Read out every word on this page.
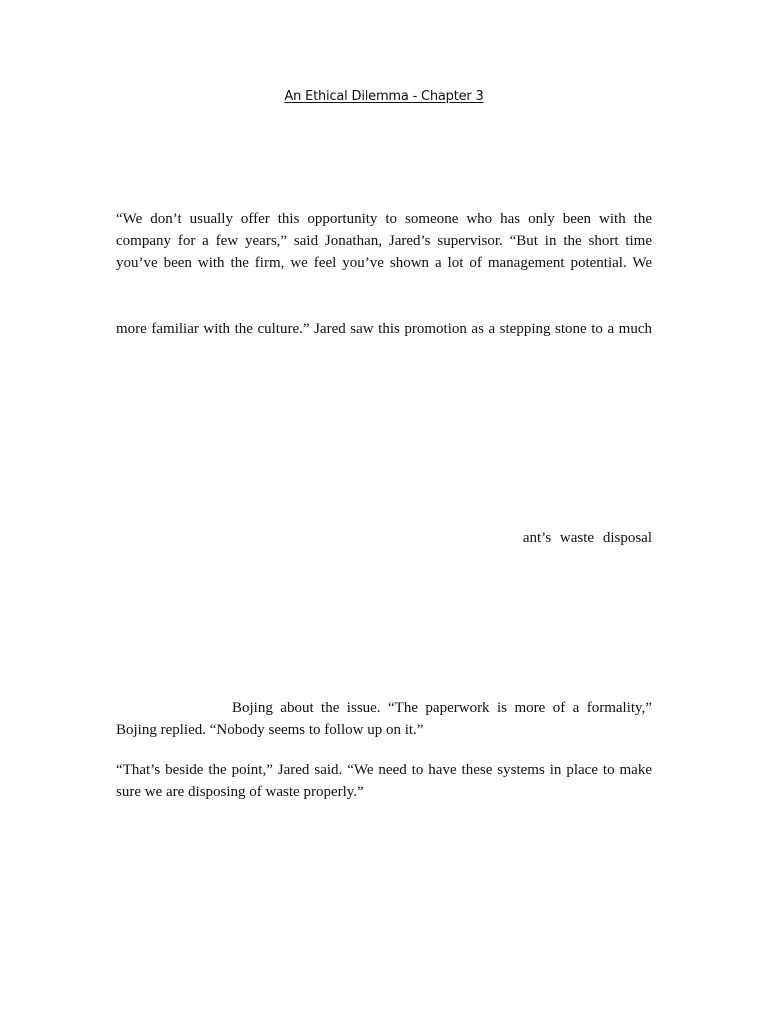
An Ethical Dilemma - Chapter 3
“We don’t usually offer this opportunity to someone who has only been with the
company for a few years,” said Jonathan, Jared’s supervisor. “But in the short time
you’ve been with the firm, we feel you’ve shown a lot of management potential. We
more familiar with the culture.” Jared saw this promotion as a stepping stone to a much
ant’s waste disposal
Bojing about the issue. “The paperwork is more of a formality,”
Bojing replied. “Nobody seems to follow up on it.”
“That’s beside the point,” Jared said. “We need to have these systems in place to make
sure we are disposing of waste properly.”
